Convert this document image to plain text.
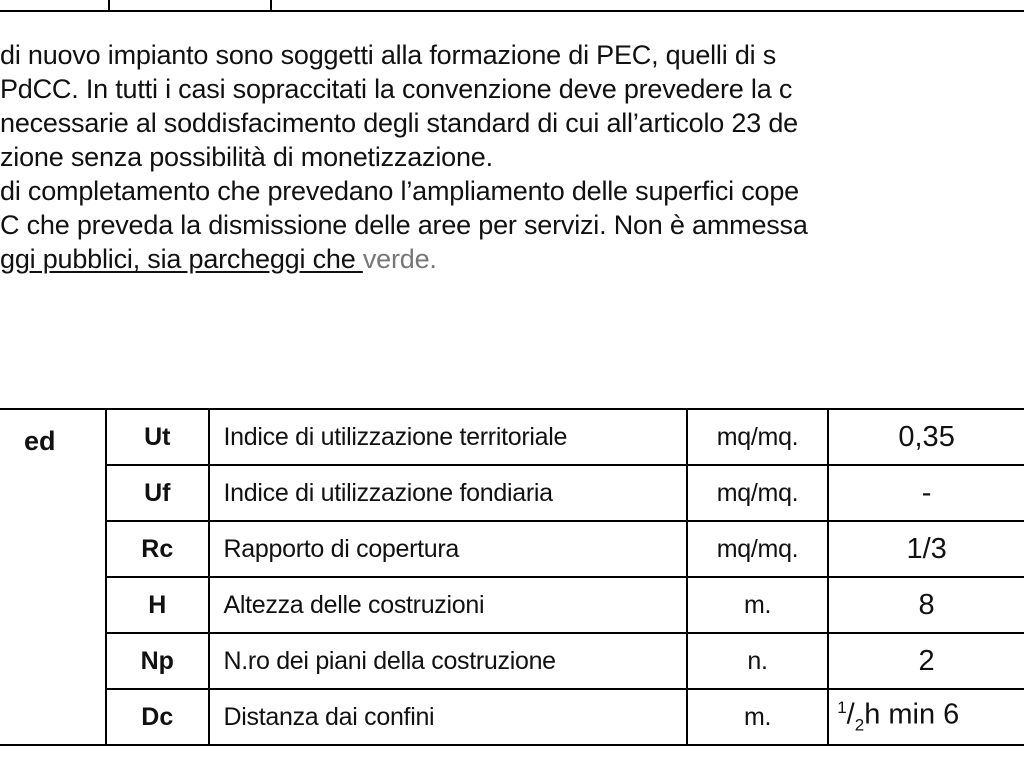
di nuovo impianto sono soggetti alla formazione di PEC, quelli di s
PdCC. In tutti i casi sopraccitati la convenzione deve prevedere la c
necessarie al soddisfacimento degli standard di cui all’articolo 23 de
zione senza possibilità di monetizzazione.
di completamento che prevedano l’ampliamento delle superfici cope
C che preveda la dismissione delle aree per servizi. Non è ammessa
ggi pubblici, sia parcheggi che verde.
ed	Ut	Indice di utilizzazione territoriale	mq/mq.	0,35
	Uf	Indice di utilizzazione fondiaria	mq/mq.	-
	Rc	Rapporto di copertura	mq/mq.	1/3
	H	Altezza delle costruzioni	m.	8
	Np	N.ro dei piani della costruzione	n.	2
	Dc	Distanza dai confini	m.	$^1/_2h$ min 6
